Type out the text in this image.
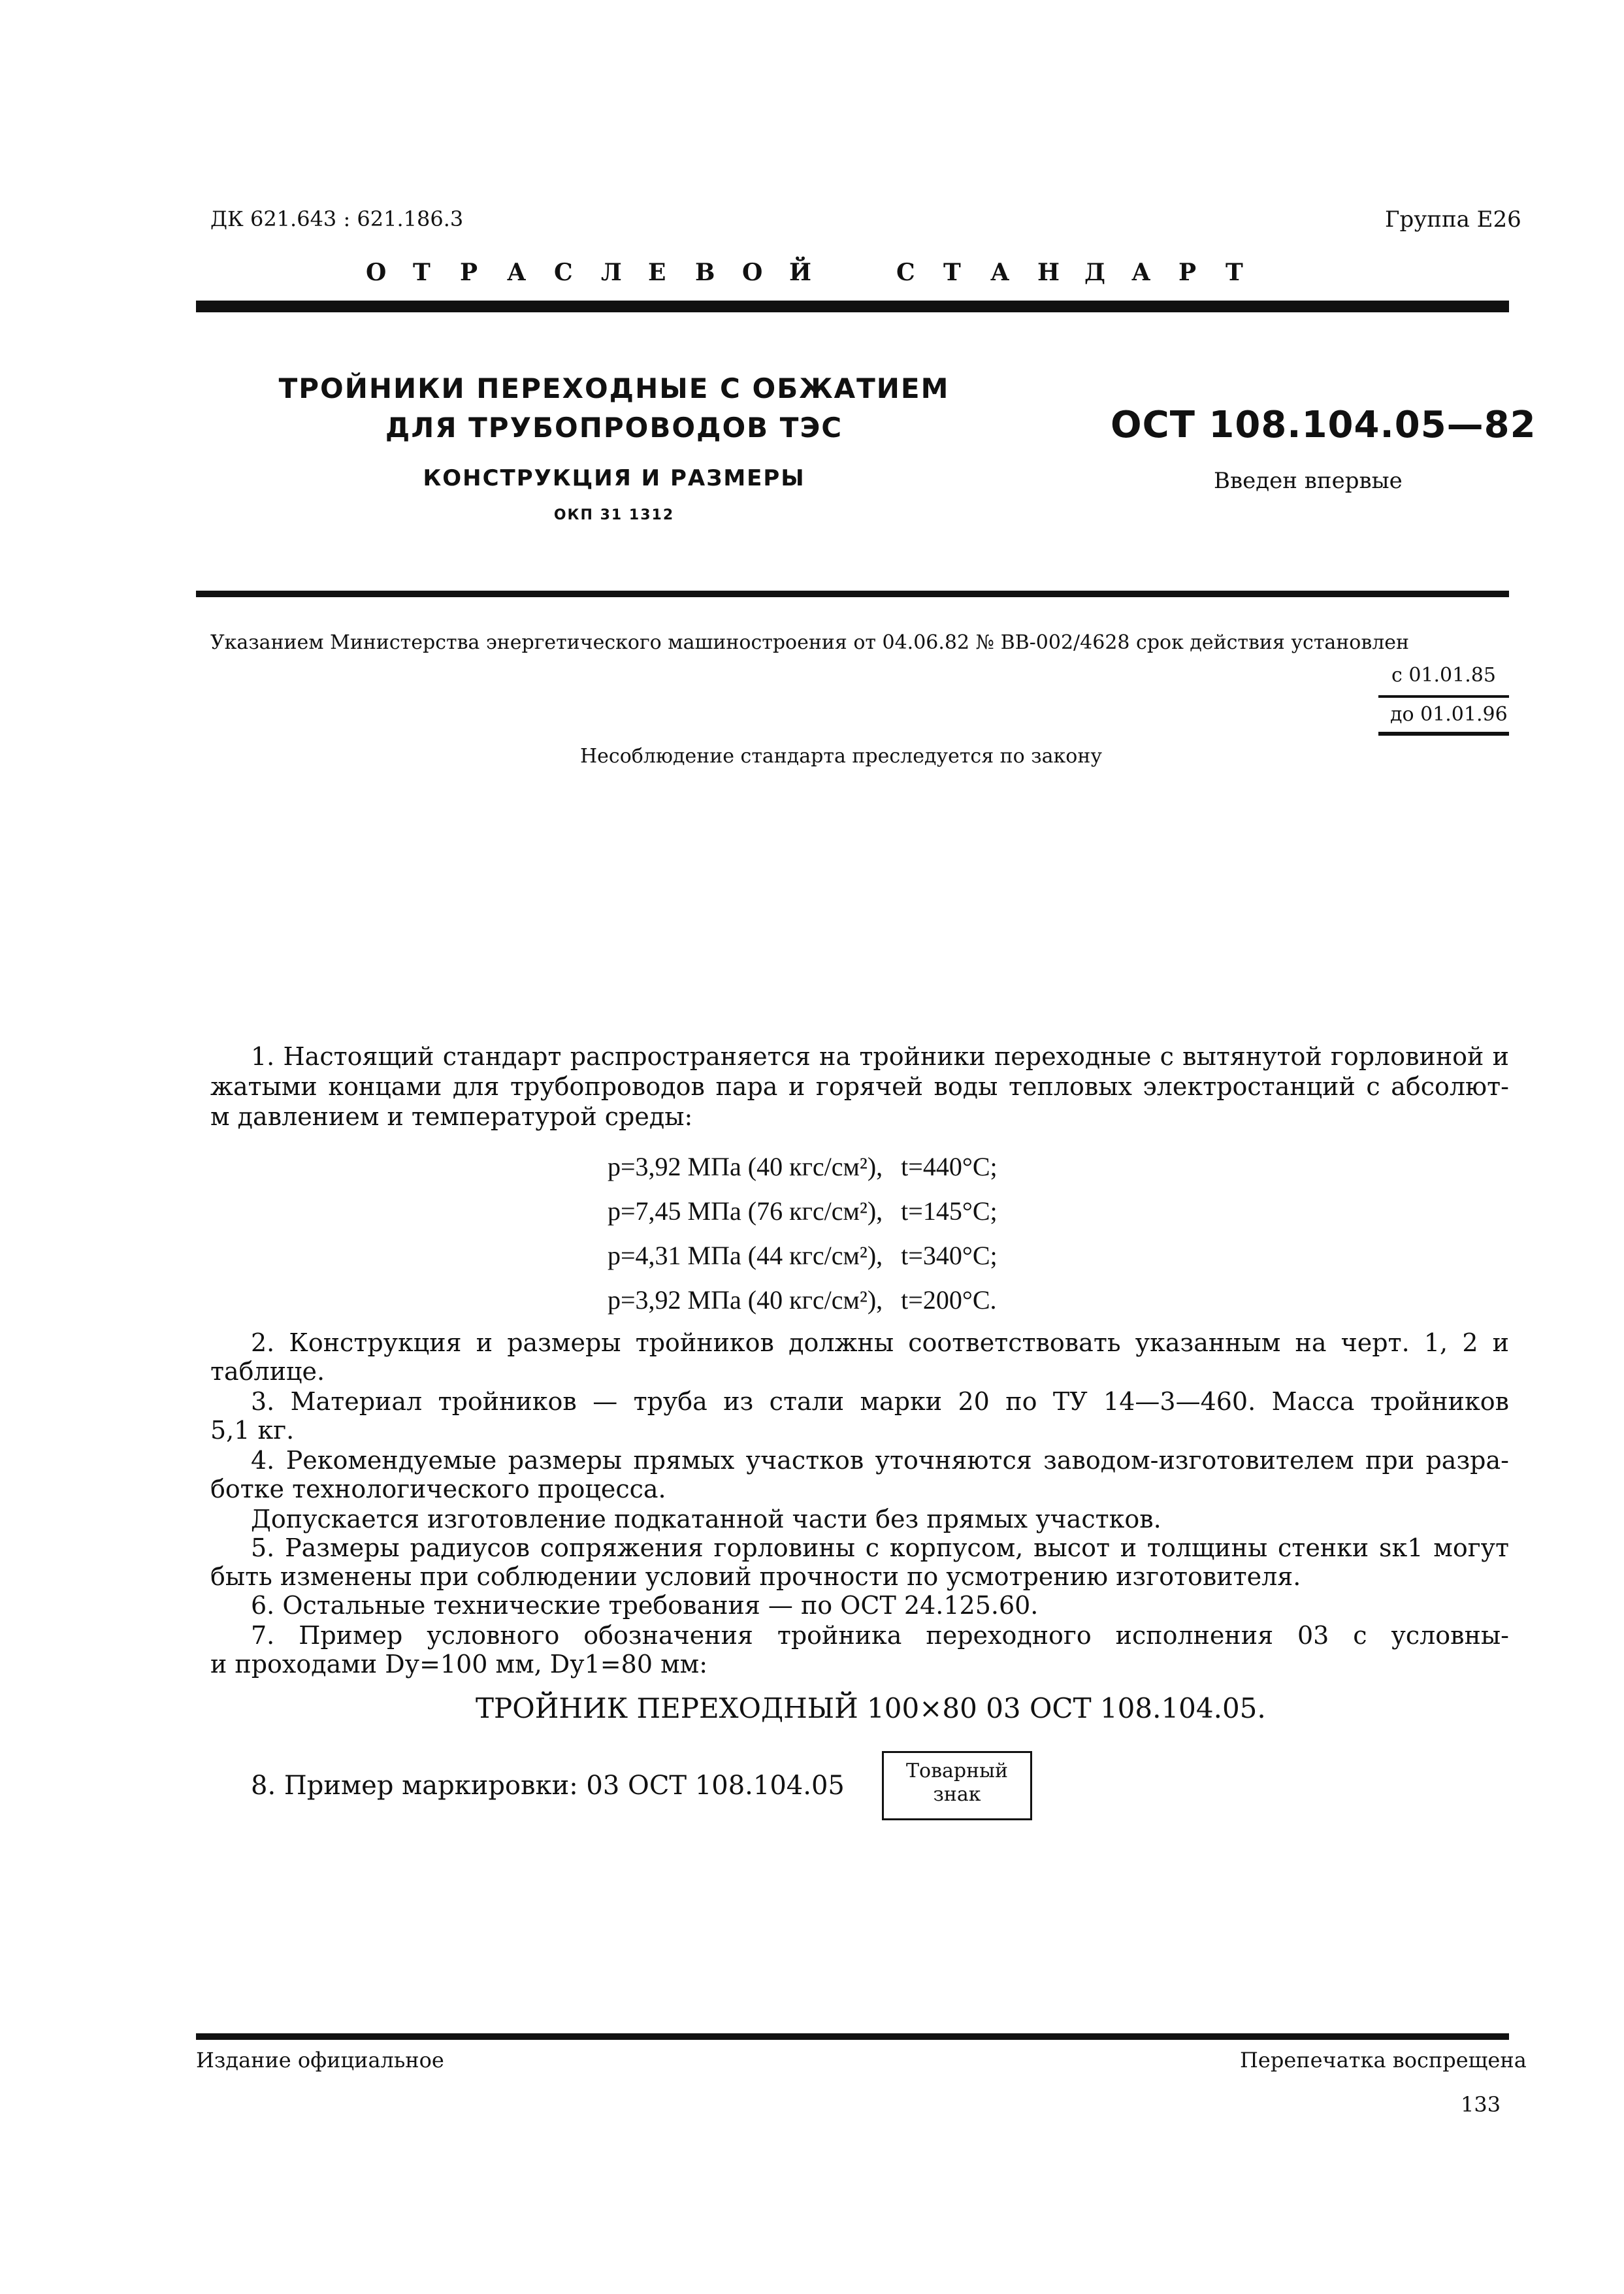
ДК 621.643 : 621.186.3	Группа Е26
О Т Р А С Л Е В О Й	С Т А Н Д А Р Т
ТРОЙНИКИ ПЕРЕХОДНЫЕ С ОБЖАТИЕМ
ДЛЯ ТРУБОПРОВОДОВ ТЭС
КОНСТРУКЦИЯ И РАЗМЕРЫ
ОКП 31 1312
ОСТ 108.104.05—82
Введен впервые
Указанием Министерства энергетического машиностроения от 04.06.82 № ВВ-002/4628 срок действия установлен
с 01.01.85
до 01.01.96
Несоблюдение стандарта преследуется по закону
1. Настоящий стандарт распространяется на тройники переходные с вытянутой горловиной и
жатыми концами для трубопроводов пара и горячей воды тепловых электростанций с абсолют-
м давлением и температурой среды:
p=3,92 МПа (40 кгс/см²), t=440°С;
p=7,45 МПа (76 кгс/см²), t=145°С;
p=4,31 МПа (44 кгс/см²), t=340°С;
p=3,92 МПа (40 кгс/см²), t=200°С.
2. Конструкция и размеры тройников должны соответствовать указанным на черт. 1, 2 и
таблице.
3. Материал тройников — труба из стали марки 20 по ТУ 14—3—460. Масса тройников
5,1 кг.
4. Рекомендуемые размеры прямых участков уточняются заводом-изготовителем при разра-
ботке технологического процесса.
Допускается изготовление подкатанной части без прямых участков.
5. Размеры радиусов сопряжения горловины с корпусом, высот и толщины стенки sк1 могут
быть изменены при соблюдении условий прочности по усмотрению изготовителя.
6. Остальные технические требования — по ОСТ 24.125.60.
7. Пример условного обозначения тройника переходного исполнения 03 с условны-
и проходами Dу=100 мм, Dу1=80 мм:
ТРОЙНИК ПЕРЕХОДНЫЙ 100×80 03 ОСТ 108.104.05.
8. Пример маркировки: 03 ОСТ 108.104.05	Товарный
знак
Издание официальное	Перепечатка воспрещена
133
